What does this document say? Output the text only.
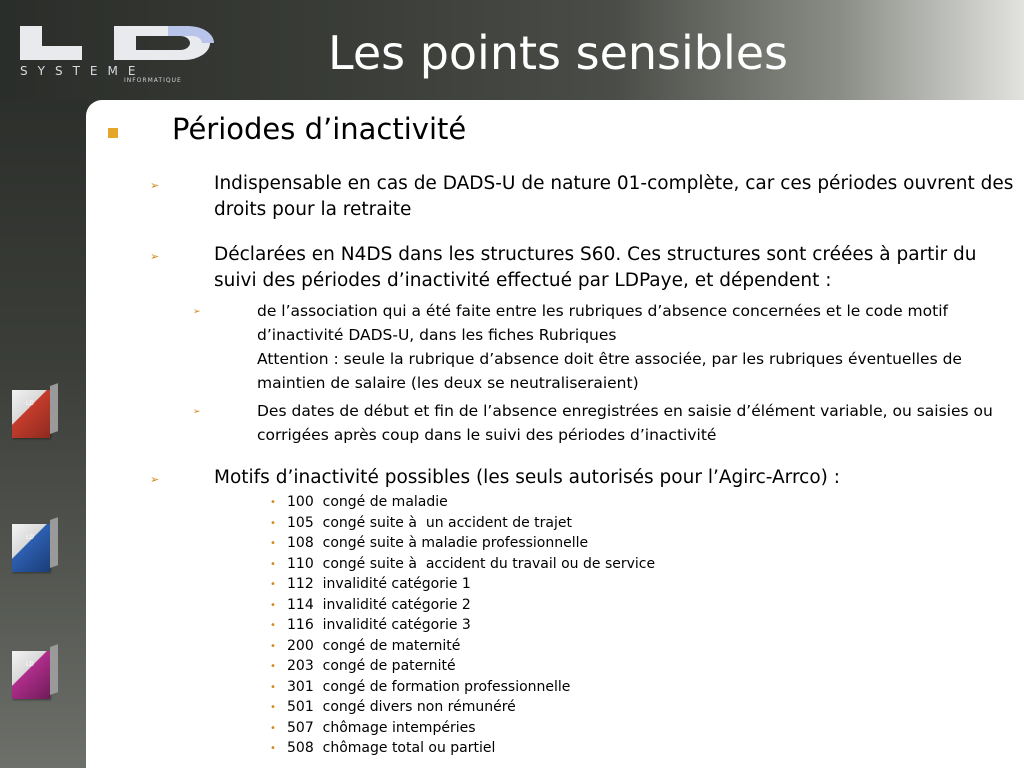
SYSTEME
INFORMATIQUE
Les points sensibles
LD
LD
LD
Périodes d’inactivité
➢	Indispensable en cas de DADS-U de nature 01-complète, car ces périodes ouvrent des droits pour la retraite
➢	Déclarées en N4DS dans les structures S60. Ces structures sont créées à partir du suivi des périodes d’inactivité effectué par LDPaye, et dépendent :
➢	de l’association qui a été faite entre les rubriques d’absence concernées et le code motif d’inactivité DADS-U, dans les fiches Rubriques
Attention : seule la rubrique d’absence doit être associée, par les rubriques éventuelles de maintien de salaire (les deux se neutraliseraient)
➢	Des dates de début et fin de l’absence enregistrées en saisie d’élément variable, ou saisies ou corrigées après coup dans le suivi des périodes d’inactivité
➢	Motifs d’inactivité possibles (les seuls autorisés pour l’Agirc-Arrco) :
• 100 congé de maladie
• 105 congé suite à  un accident de trajet
• 108 congé suite à maladie professionnelle
• 110 congé suite à  accident du travail ou de service
• 112 invalidité catégorie 1
• 114 invalidité catégorie 2
• 116 invalidité catégorie 3
• 200 congé de maternité
• 203 congé de paternité
• 301 congé de formation professionnelle
• 501 congé divers non rémunéré
• 507 chômage intempéries
• 508 chômage total ou partiel
